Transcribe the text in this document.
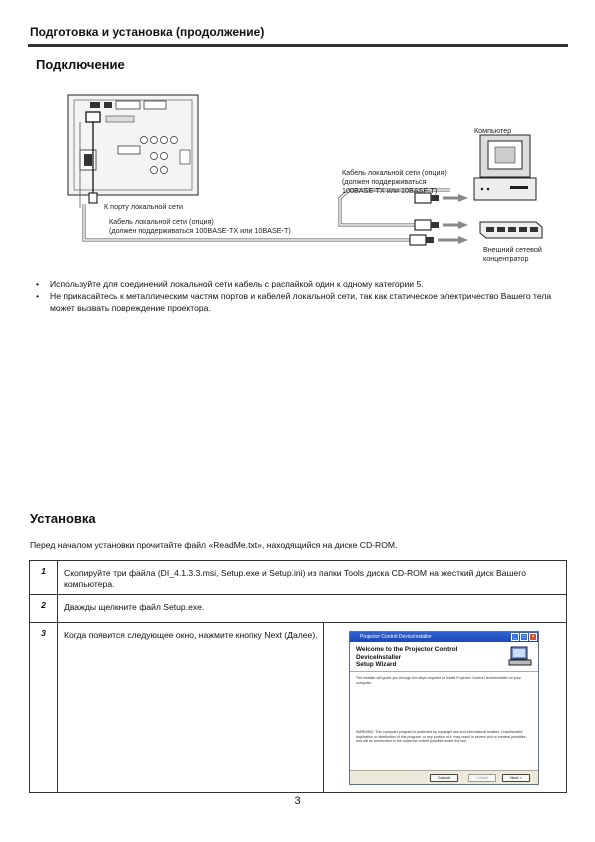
Подготовка и установка (продолжение)
Подключение
Компьютер
Кабель локальной сети (опция)
(должен поддерживаться
100BASE-TX или 10BASE-T)
К порту локальной сети
Кабель локальной сети (опция)
(должен поддерживаться 100BASE-TX или 10BASE-T)
Внешний сетевой
концентратор
• Используйте для соединений локальной сети кабель с распайкой один к одному категории 5.
• Не прикасайтесь к металлическим частям портов и кабелей локальной сети, так как статическое электричество Вашего тела может вызвать повреждение проектора.
Установка
Перед началом установки прочитайте файл «ReadMe.txt», находящийся на диске CD-ROM.
1	Скопируйте три файла (DI_4.1.3.3.msi, Setup.exe и Setup.ini) из папки Tools диска CD-ROM на жесткий диск Вашего компьютера.
2	Дважды щелкните файл Setup.exe.
3	Когда появится следующее окно, нажмите кнопку Next (Далее).	Projector Control DeviceInstaller	_	□	×
Welcome to the Projector Control DeviceInstaller
Setup Wizard
The installer will guide you through the steps required to install Projector Control DeviceInstaller on your computer.
WARNING: This computer program is protected by copyright law and international treaties. Unauthorized duplication or distribution of this program, or any portion of it, may result in severe civil or criminal penalties, and will be prosecuted to the maximum extent possible under the law.
Cancel	< Back	Next >
3
